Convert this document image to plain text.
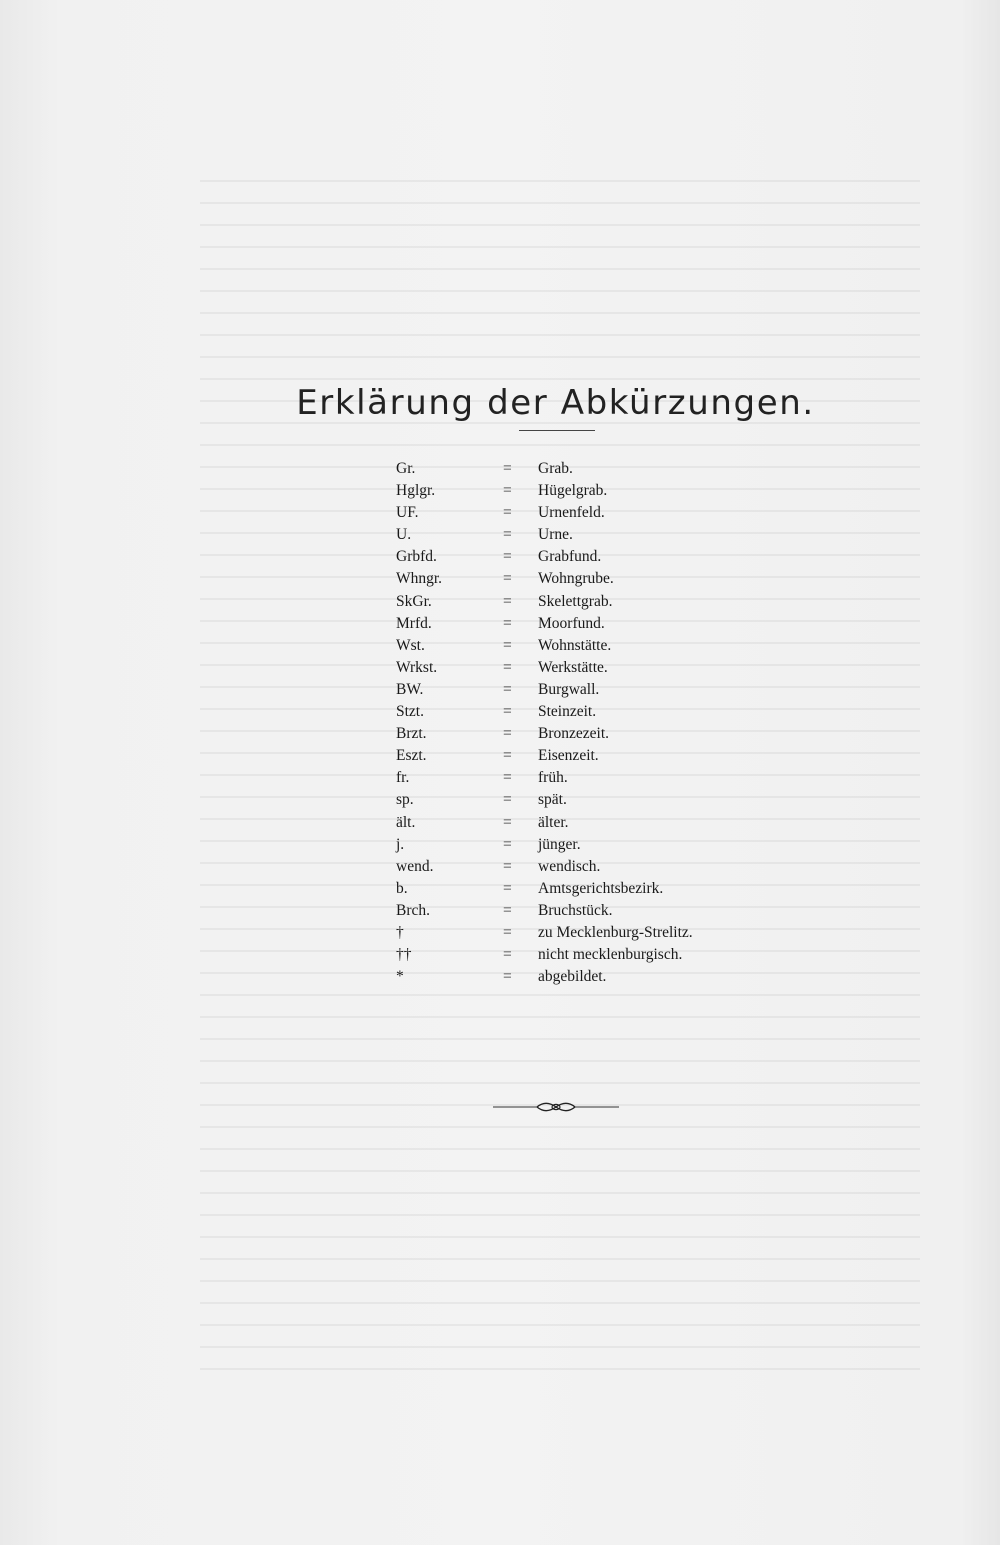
Erklärung der Abkürzungen.
Gr.	= Grab.
Hglgr.	= Hügelgrab.
UF.	= Urnenfeld.
U.	= Urne.
Grbfd.	= Grabfund.
Whngr.	= Wohngrube.
SkGr.	= Skelettgrab.
Mrfd.	= Moorfund.
Wst.	= Wohnstätte.
Wrkst.	= Werkstätte.
BW.	= Burgwall.
Stzt.	= Steinzeit.
Brzt.	= Bronzezeit.
Eszt.	= Eisenzeit.
fr.	= früh.
sp.	= spät.
ält.	= älter.
j.	= jünger.
wend.	= wendisch.
b.	= Amtsgerichtsbezirk.
Brch.	= Bruchstück.
†	= zu Mecklenburg-Strelitz.
††	= nicht mecklenburgisch.
*	= abgebildet.
